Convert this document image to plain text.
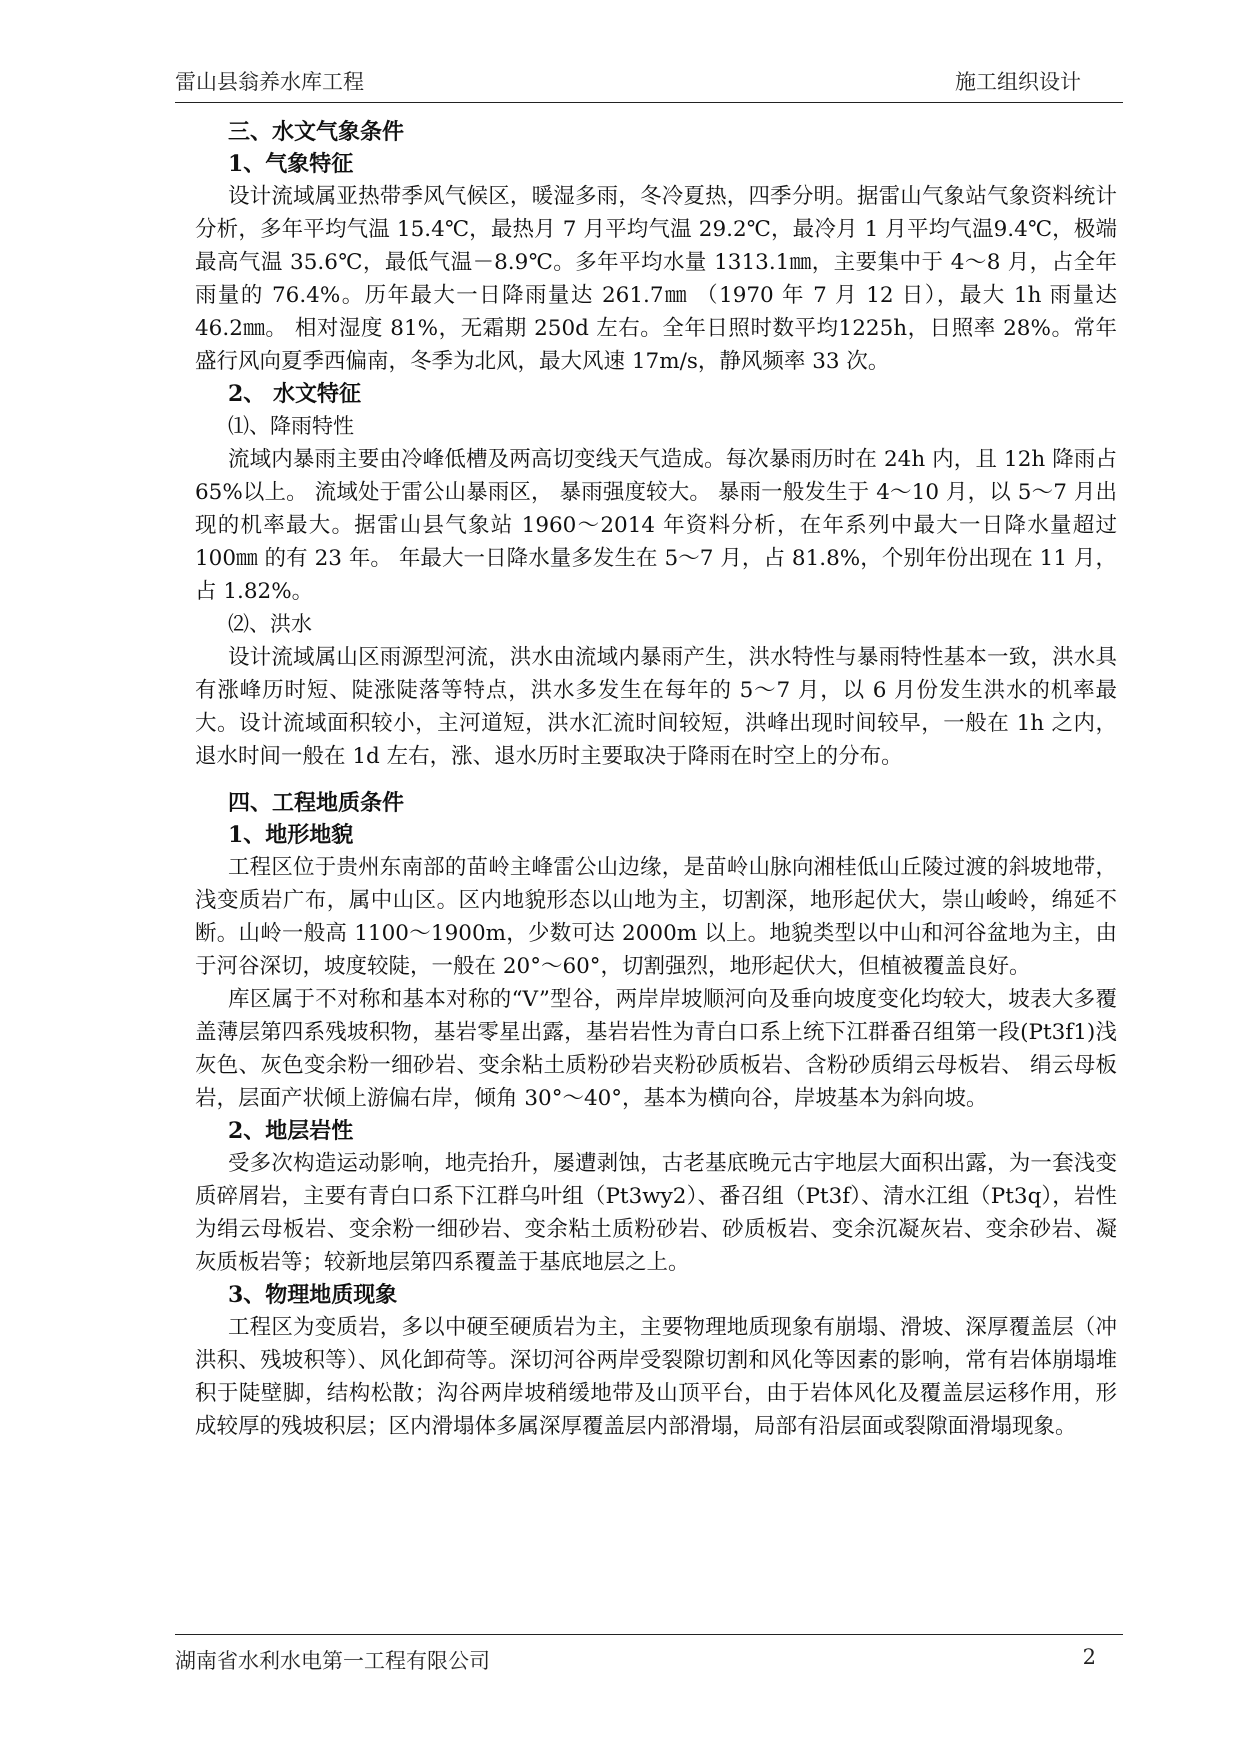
雷山县翁养水库工程	施工组织设计
三、水文气象条件
1、气象特征

设计流域属亚热带季风气候区，暖湿多雨，冬冷夏热，四季分明。据雷山气象站气象资料统计分析，多年平均气温 15.4℃，最热月 7 月平均气温 29.2℃，最冷月 1 月平均气温9.4℃，极端最高气温 35.6℃，最低气温－8.9℃。多年平均水量 1313.1㎜，主要集中于 4～8 月，占全年雨量的 76.4%。历年最大一日降雨量达 261.7㎜ （1970 年 7 月 12 日），最大 1h 雨量达 46.2㎜。 相对湿度 81%，无霜期 250d 左右。全年日照时数平均1225h，日照率 28%。常年盛行风向夏季西偏南，冬季为北风，最大风速 17m/s，静风频率 33 次。

2、 水文特征
⑴、降雨特性

流域内暴雨主要由冷峰低槽及两高切变线天气造成。每次暴雨历时在 24h 内，且 12h 降雨占 65%以上。 流域处于雷公山暴雨区， 暴雨强度较大。 暴雨一般发生于 4～10 月，以 5～7 月出现的机率最大。据雷山县气象站 1960～2014 年资料分析，在年系列中最大一日降水量超过 100㎜ 的有 23 年。 年最大一日降水量多发生在 5～7 月，占 81.8%，个别年份出现在 11 月，占 1.82%。

⑵、洪水

设计流域属山区雨源型河流，洪水由流域内暴雨产生，洪水特性与暴雨特性基本一致，洪水具有涨峰历时短、陡涨陡落等特点，洪水多发生在每年的 5～7 月，以 6 月份发生洪水的机率最大。设计流域面积较小，主河道短，洪水汇流时间较短，洪峰出现时间较早，一般在 1h 之内，退水时间一般在 1d 左右，涨、退水历时主要取决于降雨在时空上的分布。

四、工程地质条件
1、地形地貌

工程区位于贵州东南部的苗岭主峰雷公山边缘，是苗岭山脉向湘桂低山丘陵过渡的斜坡地带，浅变质岩广布，属中山区。区内地貌形态以山地为主，切割深，地形起伏大，崇山峻岭，绵延不断。山岭一般高 1100～1900m，少数可达 2000m 以上。地貌类型以中山和河谷盆地为主，由于河谷深切，坡度较陡，一般在 20°～60°，切割强烈，地形起伏大，但植被覆盖良好。

库区属于不对称和基本对称的“V”型谷，两岸岸坡顺河向及垂向坡度变化均较大，坡表大多覆盖薄层第四系残坡积物，基岩零星出露，基岩岩性为青白口系上统下江群番召组第一段(Pt3f1)浅灰色、灰色变余粉一细砂岩、变余粘土质粉砂岩夹粉砂质板岩、含粉砂质绢云母板岩、 绢云母板岩，层面产状倾上游偏右岸，倾角 30°～40°，基本为横向谷，岸坡基本为斜向坡。

2、地层岩性

受多次构造运动影响，地壳抬升，屡遭剥蚀，古老基底晚元古宇地层大面积出露，为一套浅变质碎屑岩，主要有青白口系下江群乌叶组（Pt3wy2）、番召组（Pt3f）、清水江组（Pt3q），岩性为绢云母板岩、变余粉一细砂岩、变余粘土质粉砂岩、砂质板岩、变余沉凝灰岩、变余砂岩、凝灰质板岩等；较新地层第四系覆盖于基底地层之上。

3、物理地质现象

工程区为变质岩，多以中硬至硬质岩为主，主要物理地质现象有崩塌、滑坡、深厚覆盖层（冲洪积、残坡积等）、风化卸荷等。深切河谷两岸受裂隙切割和风化等因素的影响，常有岩体崩塌堆积于陡壁脚，结构松散；沟谷两岸坡稍缓地带及山顶平台，由于岩体风化及覆盖层运移作用，形成较厚的残坡积层；区内滑塌体多属深厚覆盖层内部滑塌，局部有沿层面或裂隙面滑塌现象。

湖南省水利水电第一工程有限公司	2
